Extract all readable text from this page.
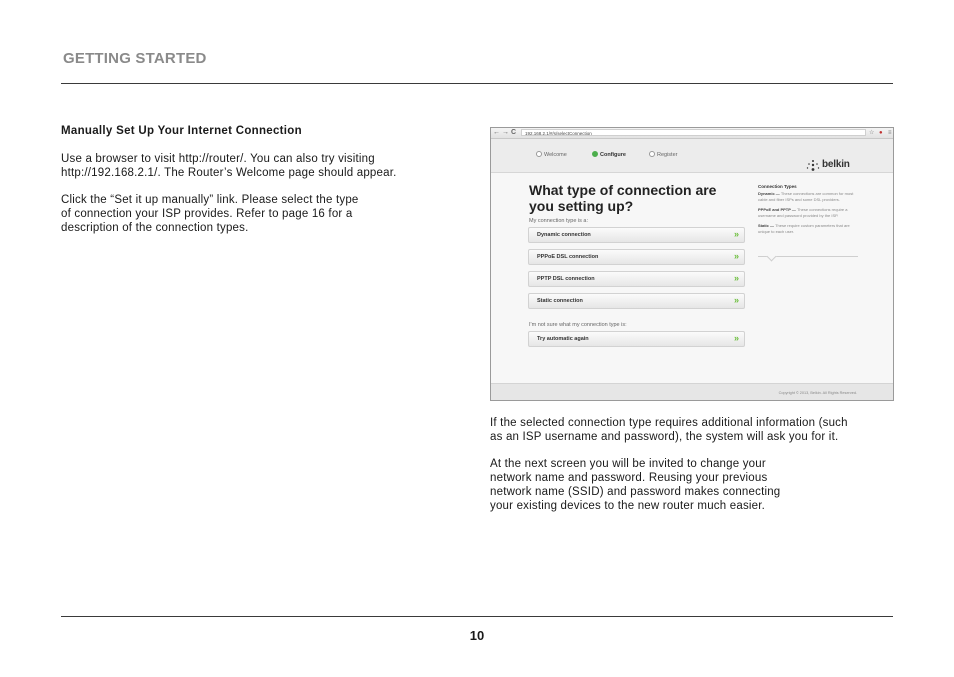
GETTING STARTED
Manually Set Up Your Internet Connection

Use a browser to visit http://router/. You can also try visiting
http://192.168.2.1/. The Router’s Welcome page should appear.

Click the “Set it up manually” link. Please select the type
of connection your ISP provides. Refer to page 16 for a
description of the connection types.

← → C	192.168.2.1/#/s/selectConnection	☆ ● ≡
Welcome	Configure	Register
belkin
What type of connection are
you setting up?
My connection type is a:
Dynamic connection	»
PPPoE DSL connection	»
PPTP DSL connection	»
Static connection	»
I'm not sure what my connection type is:
Try automatic again	»
Connection Types

Dynamic — These connections are common for most cable and fiber ISPs and some DSL providers.

PPPoE and PPTP — These connections require a username and password provided by the ISP.

Static — These require custom parameters that are unique to each user.

Copyright © 2013, Belkin. All Rights Reserved.

If the selected connection type requires additional information (such
as an ISP username and password), the system will ask you for it.

At the next screen you will be invited to change your
network name and password. Reusing your previous
network name (SSID) and password makes connecting
your existing devices to the new router much easier.

10
